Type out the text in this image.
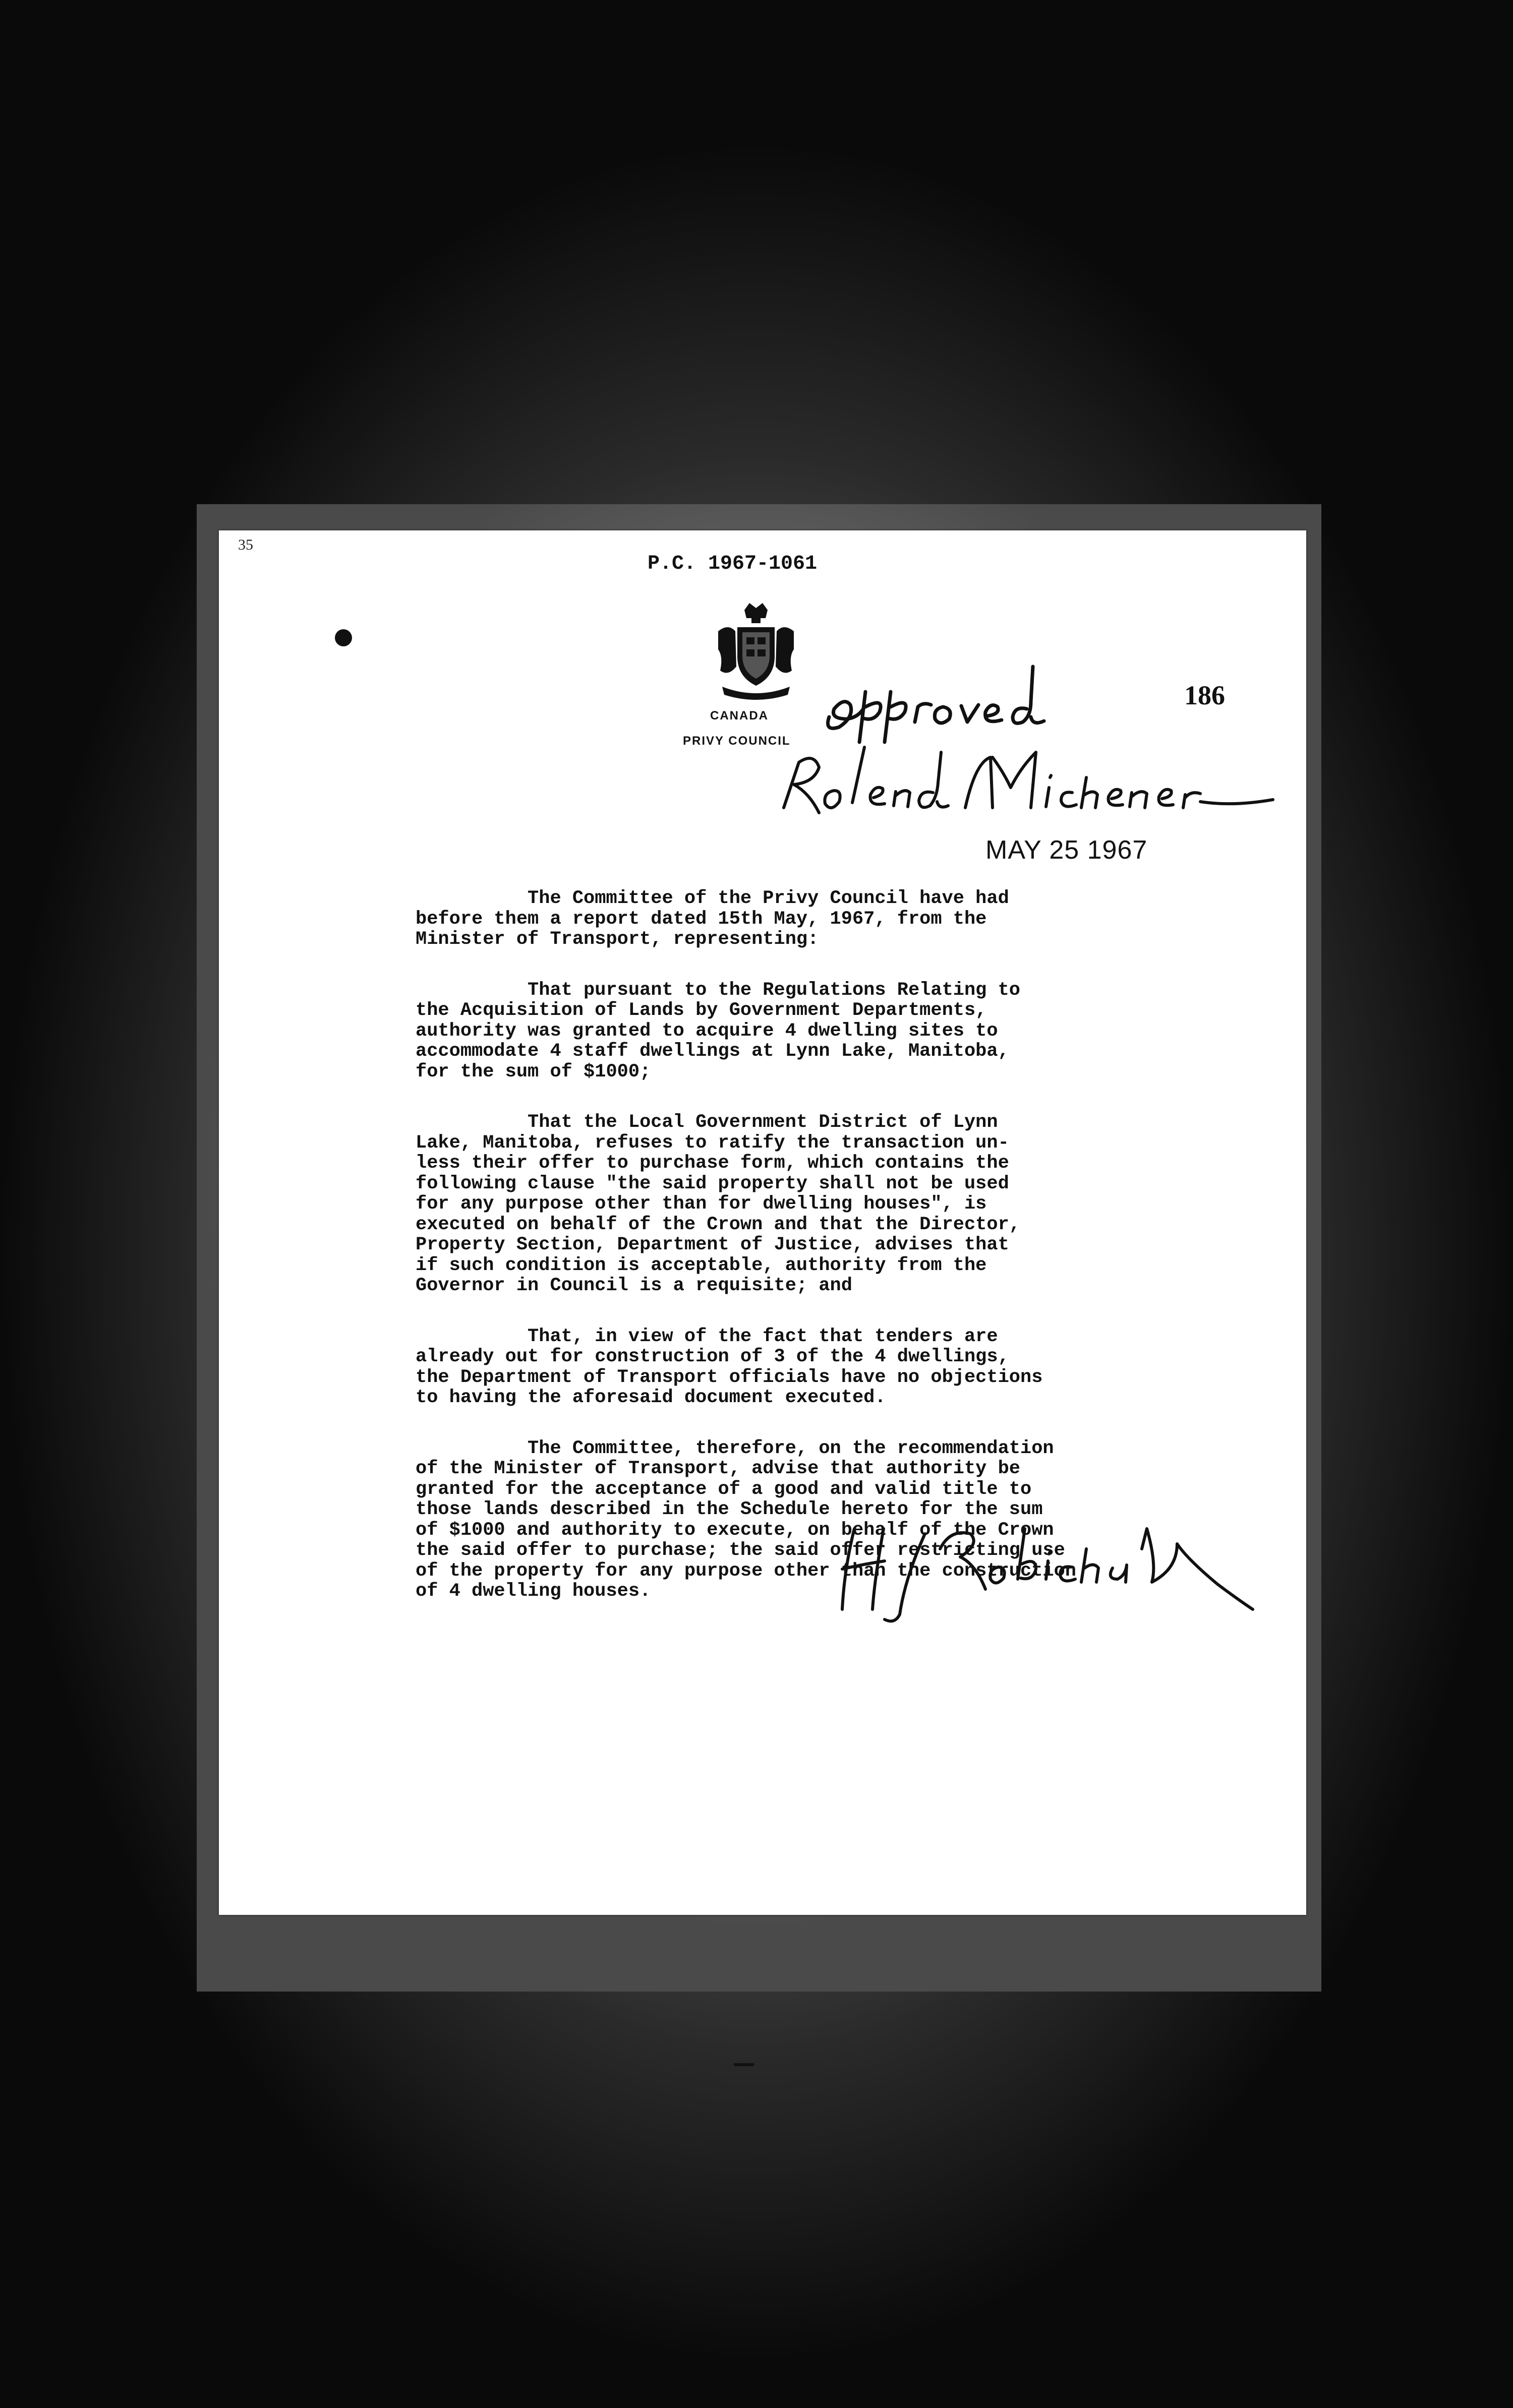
35
P.C. 1967-1061
CANADA
PRIVY COUNCIL
186
MAY 25 1967
The Committee of the Privy Council have had
before them a report dated 15th May, 1967, from the
Minister of Transport, representing:
That pursuant to the Regulations Relating to
the Acquisition of Lands by Government Departments,
authority was granted to acquire 4 dwelling sites to
accommodate 4 staff dwellings at Lynn Lake, Manitoba,
for the sum of $1000;
That the Local Government District of Lynn
Lake, Manitoba, refuses to ratify the transaction un-
less their offer to purchase form, which contains the
following clause "the said property shall not be used
for any purpose other than for dwelling houses", is
executed on behalf of the Crown and that the Director,
Property Section, Department of Justice, advises that
if such condition is acceptable, authority from the
Governor in Council is a requisite; and
That, in view of the fact that tenders are
already out for construction of 3 of the 4 dwellings,
the Department of Transport officials have no objections
to having the aforesaid document executed.
The Committee, therefore, on the recommendation
of the Minister of Transport, advise that authority be
granted for the acceptance of a good and valid title to
those lands described in the Schedule hereto for the sum
of $1000 and authority to execute, on behalf of the Crown
the said offer to purchase; the said offer restricting use
of the property for any purpose other than the construction
of 4 dwelling houses.
